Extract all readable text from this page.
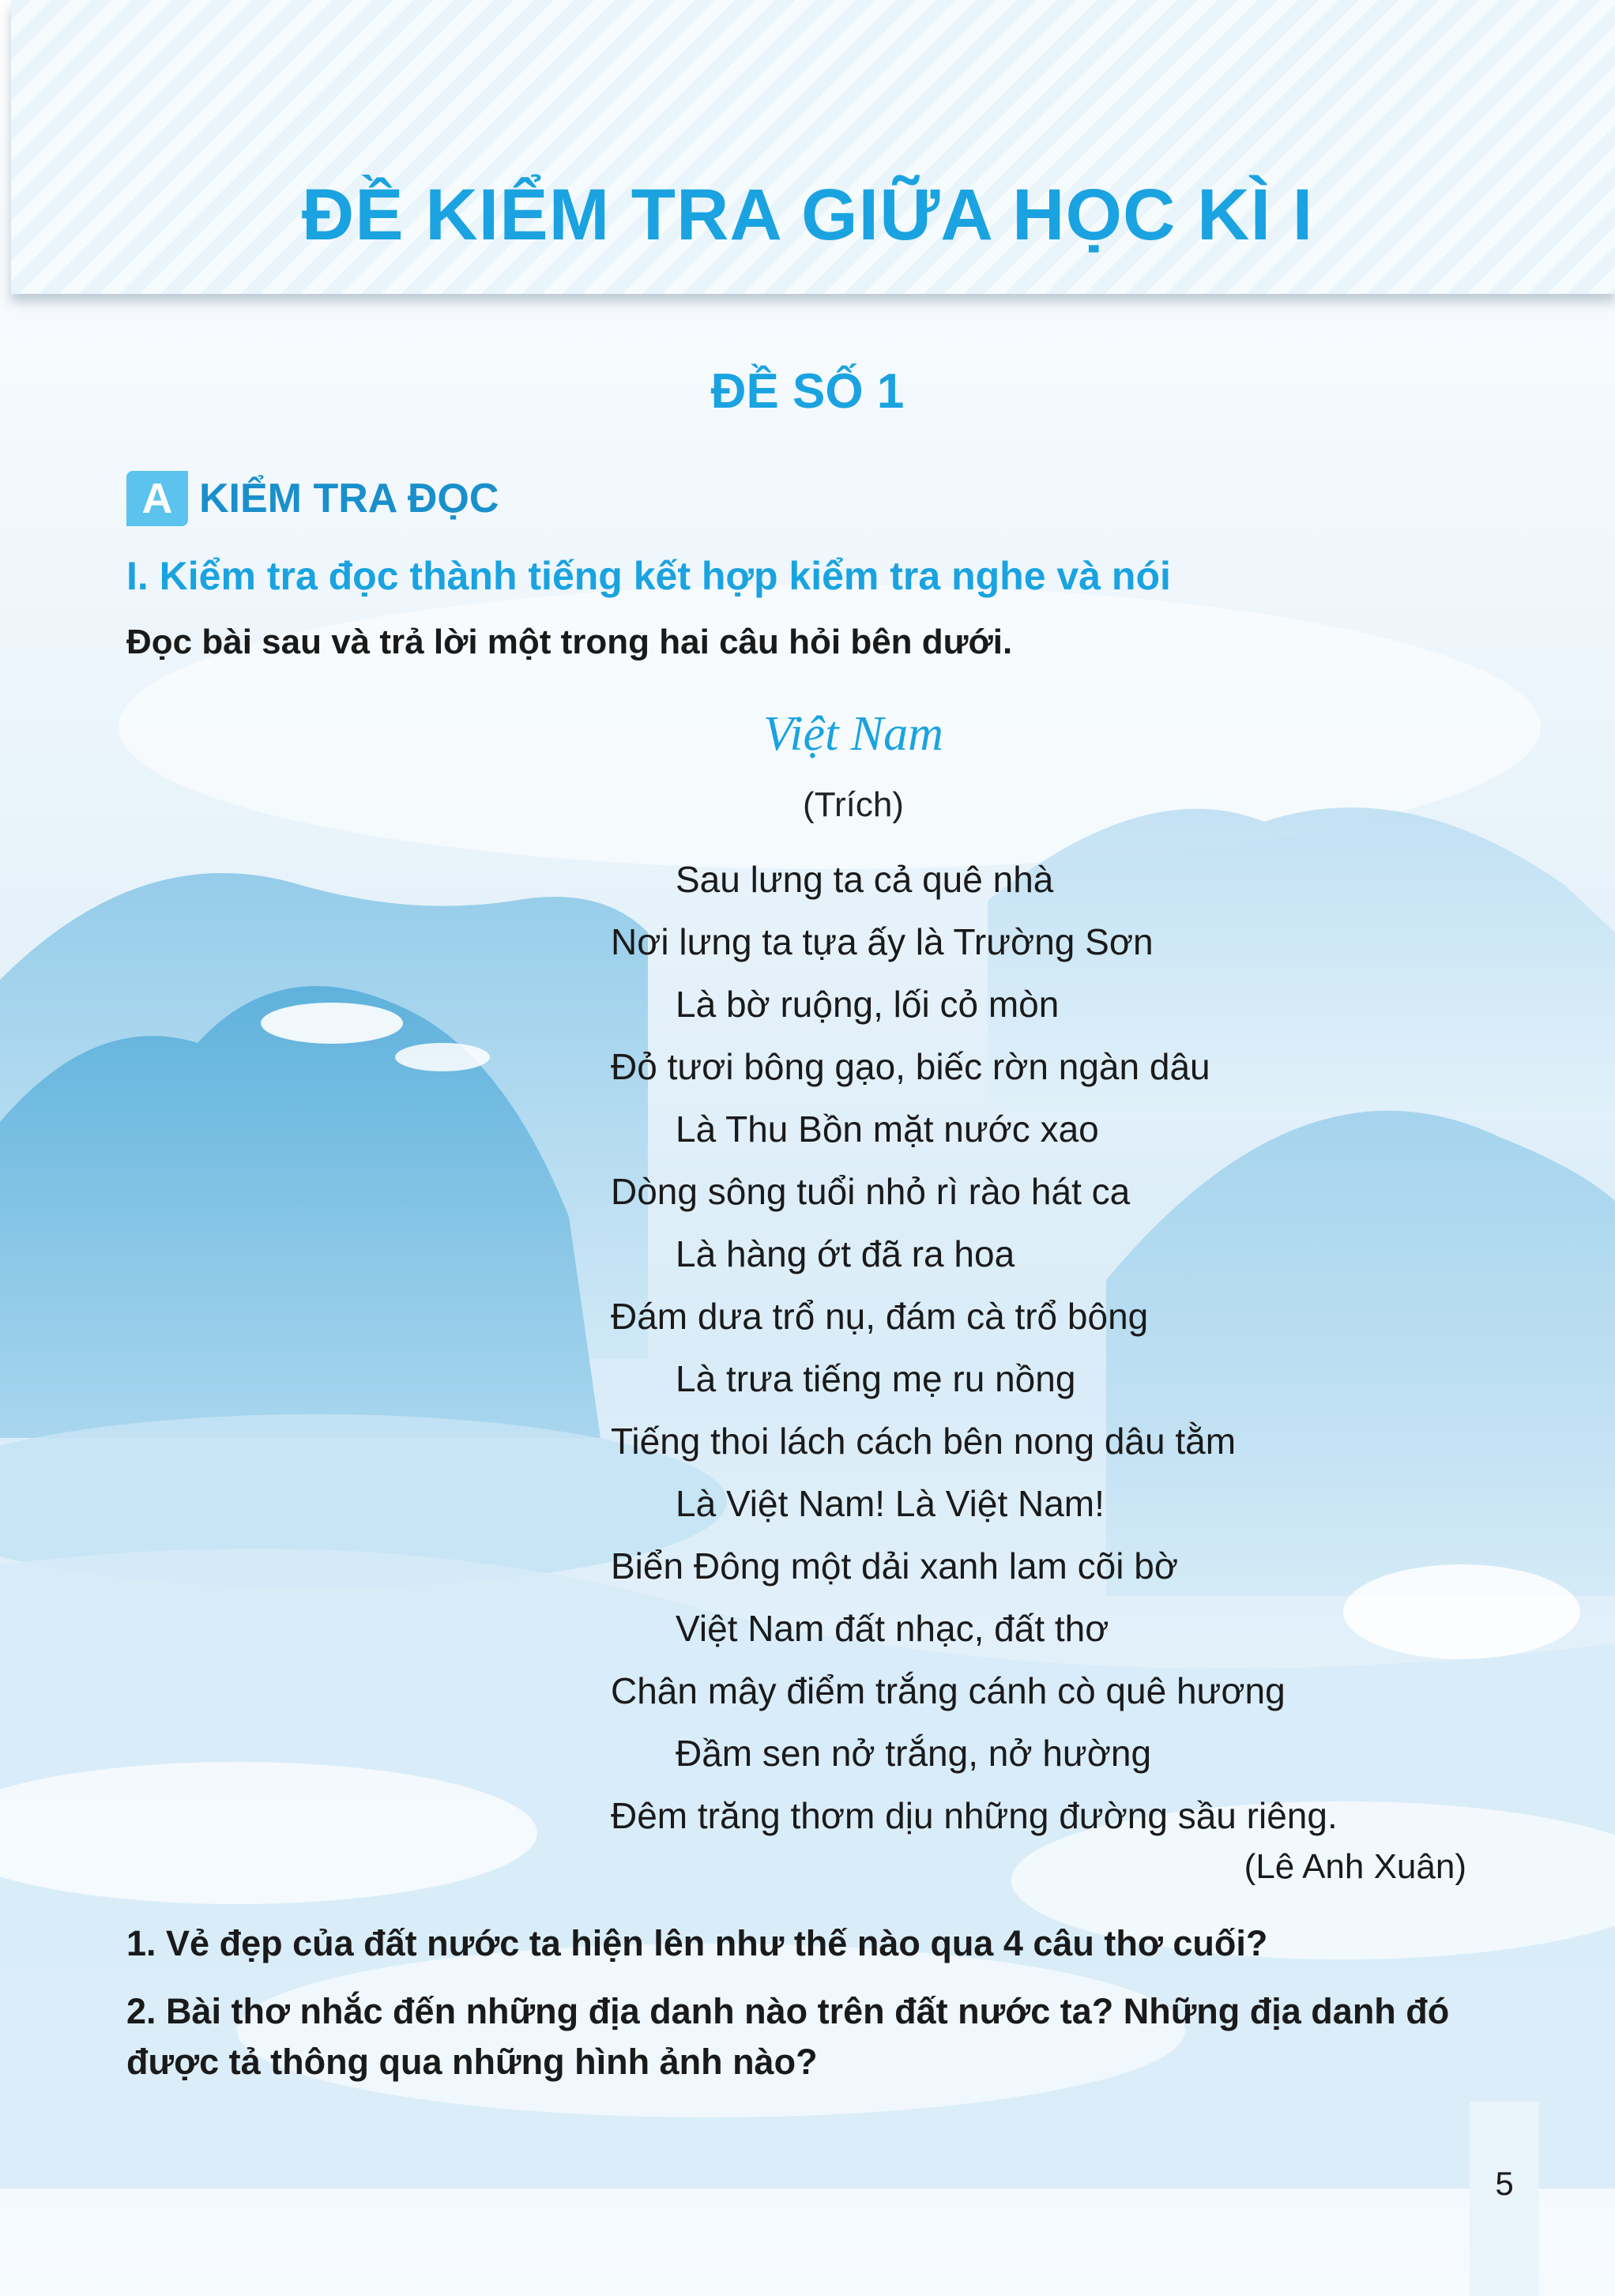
ĐỀ KIỂM TRA GIỮA HỌC KÌ I
ĐỀ SỐ 1
A KIỂM TRA ĐỌC
I. Kiểm tra đọc thành tiếng kết hợp kiểm tra nghe và nói
Đọc bài sau và trả lời một trong hai câu hỏi bên dưới.
Việt Nam
(Trích)
Sau lưng ta cả quê nhà
Nơi lưng ta tựa ấy là Trường Sơn
Là bờ ruộng, lối cỏ mòn
Đỏ tươi bông gạo, biếc rờn ngàn dâu
Là Thu Bồn mặt nước xao
Dòng sông tuổi nhỏ rì rào hát ca
Là hàng ớt đã ra hoa
Đám dưa trổ nụ, đám cà trổ bông
Là trưa tiếng mẹ ru nồng
Tiếng thoi lách cách bên nong dâu tằm
Là Việt Nam! Là Việt Nam!
Biển Đông một dải xanh lam cõi bờ
Việt Nam đất nhạc, đất thơ
Chân mây điểm trắng cánh cò quê hương
Đầm sen nở trắng, nở hường
Đêm trăng thơm dịu những đường sầu riêng.
(Lê Anh Xuân)
1. Vẻ đẹp của đất nước ta hiện lên như thế nào qua 4 câu thơ cuối?
2. Bài thơ nhắc đến những địa danh nào trên đất nước ta? Những địa danh đó được tả thông qua những hình ảnh nào?
5
